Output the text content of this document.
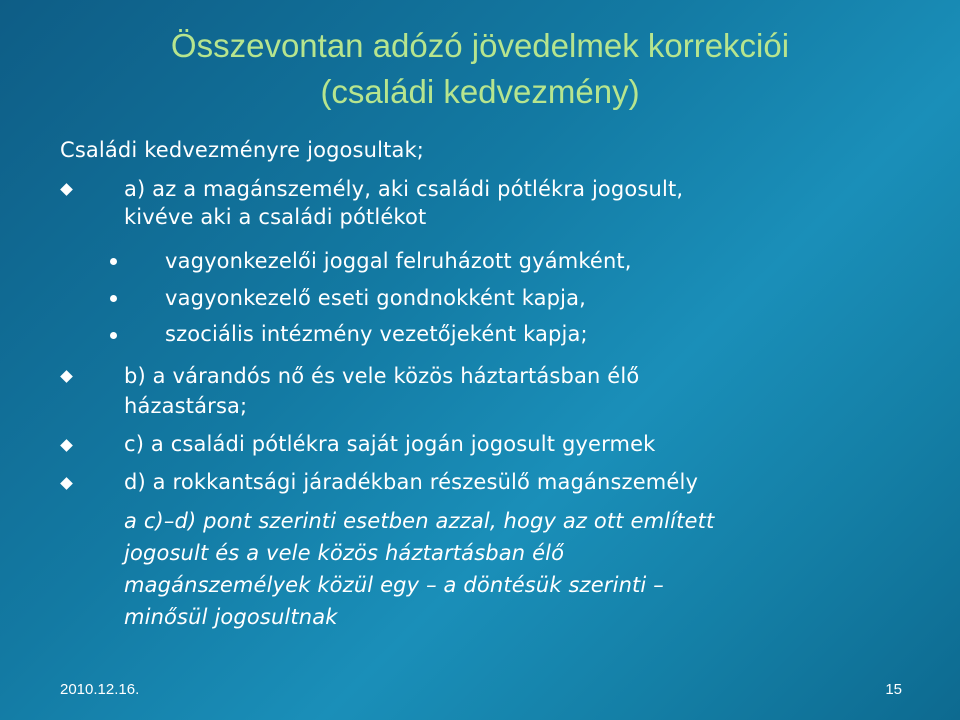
Összevontan adózó jövedelmek korrekciói
(családi kedvezmény)
Családi kedvezményre jogosultak;
a) az a magánszemély, aki családi pótlékra jogosult,
kivéve aki a családi pótlékot
vagyonkezelői joggal felruházott gyámként,
vagyonkezelő eseti gondnokként kapja,
szociális intézmény vezetőjeként kapja;
b) a várandós nő és vele közös háztartásban élő
házastársa;
c) a családi pótlékra saját jogán jogosult gyermek
d) a rokkantsági járadékban részesülő magánszemély
a c)–d) pont szerinti esetben azzal, hogy az ott említett
jogosult és a vele közös háztartásban élő
magánszemélyek közül egy – a döntésük szerinti –
minősül jogosultnak
2010.12.16.	15
